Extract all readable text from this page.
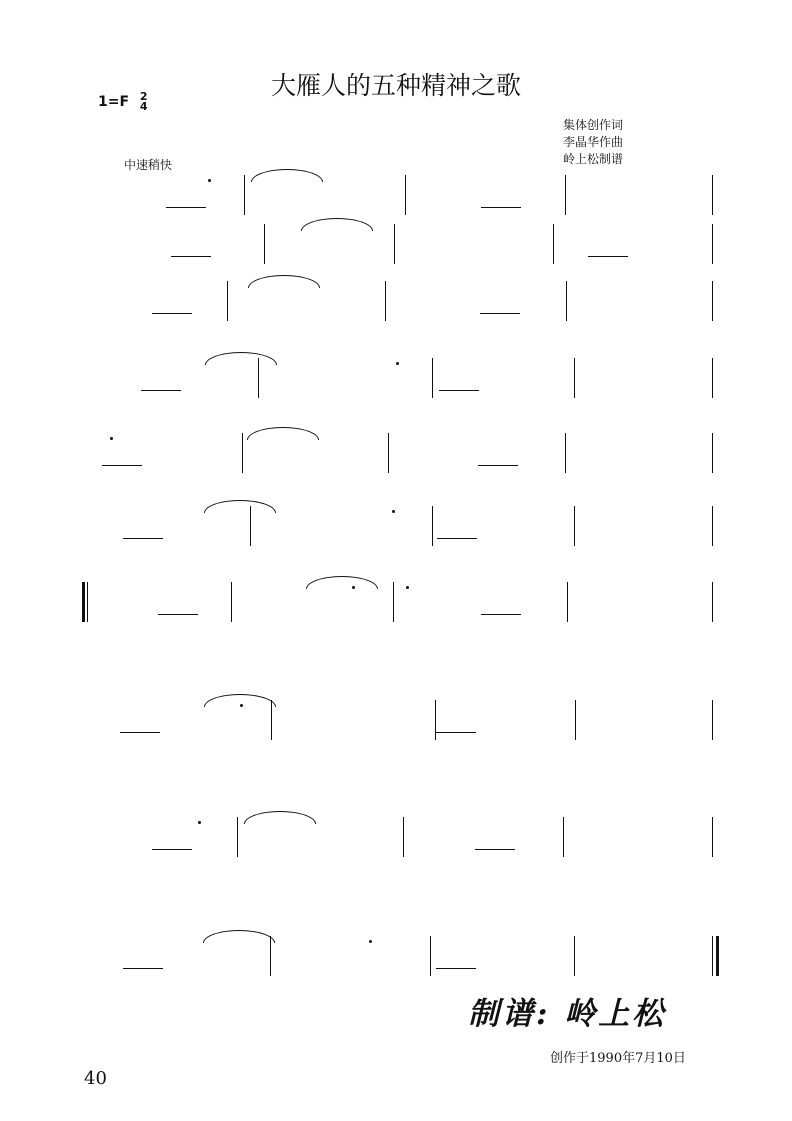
大雁人的五种精神之歌
1=F 2
4
集体创作词
李晶华作曲
岭上松制谱
中速稍快
制谱: 岭上松
创作于1990年7月10日
40
